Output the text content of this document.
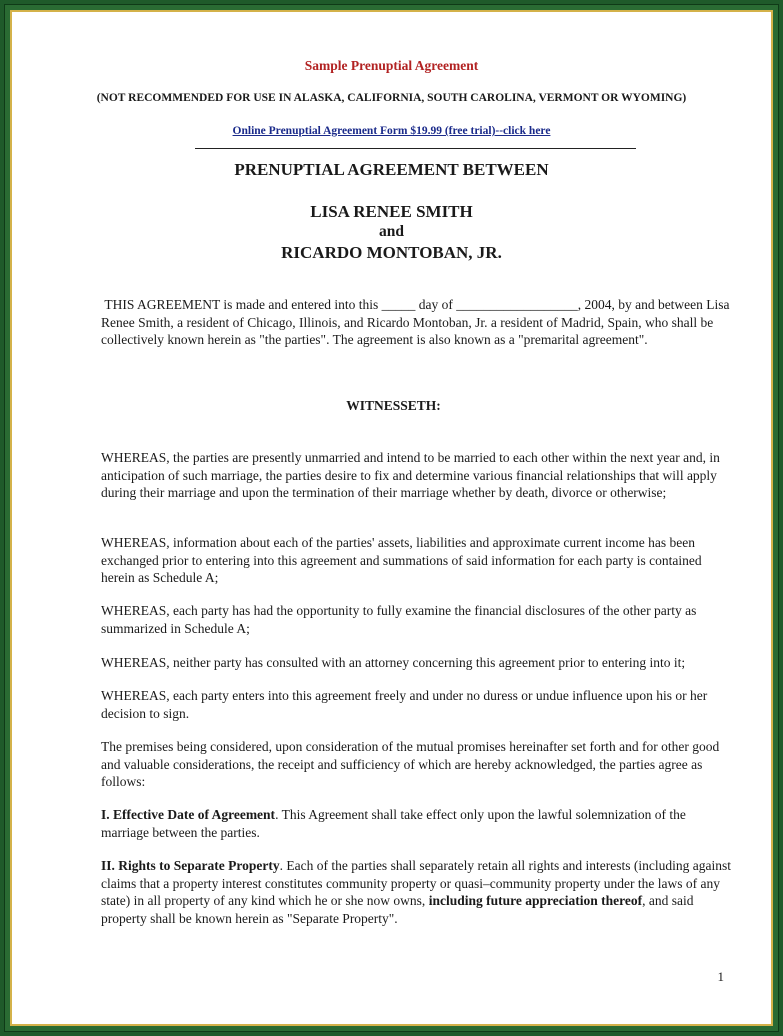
Sample Prenuptial Agreement
(NOT RECOMMENDED FOR USE IN ALASKA, CALIFORNIA, SOUTH CAROLINA, VERMONT OR WYOMING)
Online Prenuptial Agreement Form $19.99 (free trial)--click here
PRENUPTIAL AGREEMENT BETWEEN
LISA RENEE SMITH
and
RICARDO MONTOBAN, JR.
THIS AGREEMENT is made and entered into this _____ day of __________________, 2004, by and between Lisa Renee Smith, a resident of Chicago, Illinois, and Ricardo Montoban, Jr. a resident of Madrid, Spain, who shall be collectively known herein as "the parties". The agreement is also known as a "premarital agreement".
WITNESSETH:
WHEREAS, the parties are presently unmarried and intend to be married to each other within the next year and, in anticipation of such marriage, the parties desire to fix and determine various financial relationships that will apply during their marriage and upon the termination of their marriage whether by death, divorce or otherwise;
WHEREAS, information about each of the parties' assets, liabilities and approximate current income has been exchanged prior to entering into this agreement and summations of said information for each party is contained herein as Schedule A;
WHEREAS, each party has had the opportunity to fully examine the financial disclosures of the other party as summarized in Schedule A;
WHEREAS, neither party has consulted with an attorney concerning this agreement prior to entering into it;
WHEREAS, each party enters into this agreement freely and under no duress or undue influence upon his or her decision to sign.
The premises being considered, upon consideration of the mutual promises hereinafter set forth and for other good and valuable considerations, the receipt and sufficiency of which are hereby acknowledged, the parties agree as follows:
I. Effective Date of Agreement. This Agreement shall take effect only upon the lawful solemnization of the marriage between the parties.
II. Rights to Separate Property. Each of the parties shall separately retain all rights and interests (including against claims that a property interest constitutes community property or quasi–community property under the laws of any state) in all property of any kind which he or she now owns, including future appreciation thereof, and said property shall be known herein as "Separate Property".
1
